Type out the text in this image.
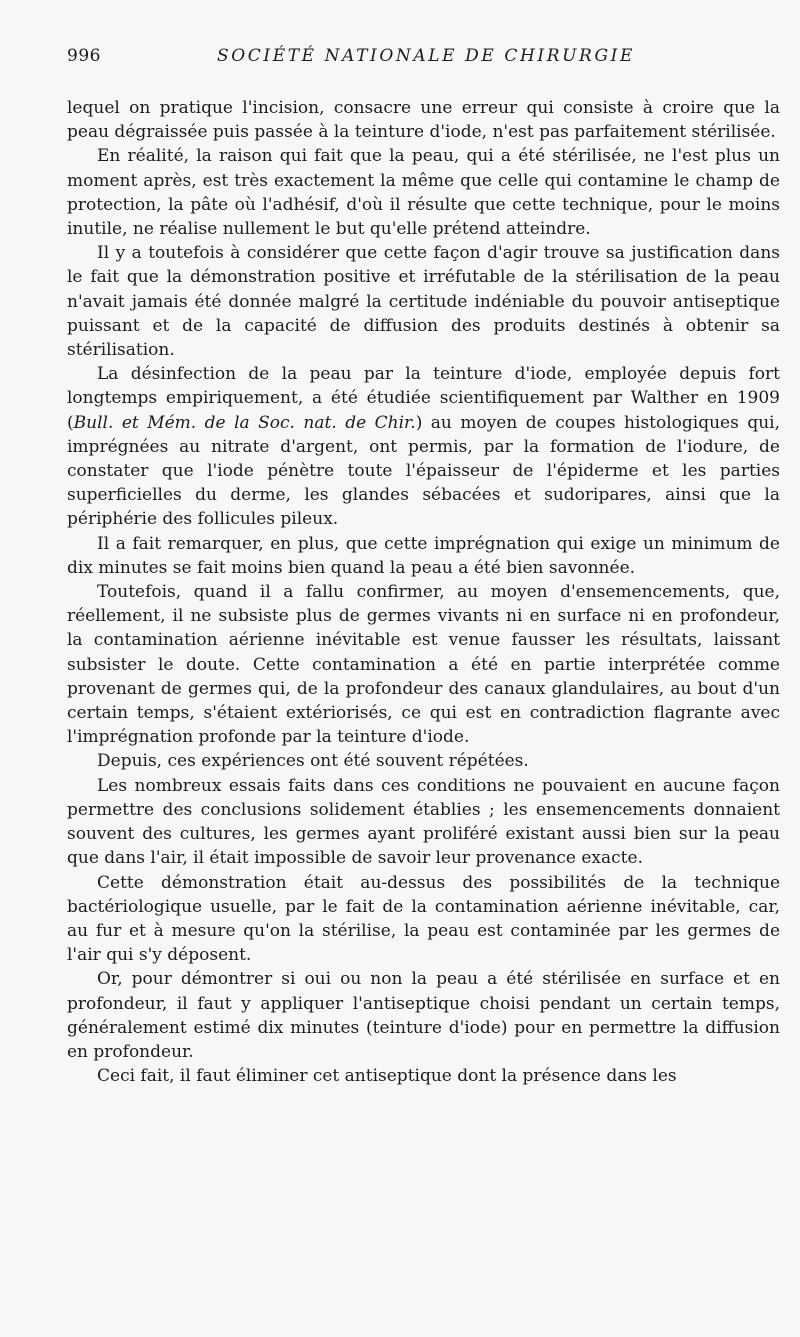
996	SOCIÉTÉ NATIONALE DE CHIRURGIE

lequel on pratique l'incision, consacre une erreur qui consiste à croire que la peau dégraissée puis passée à la teinture d'iode, n'est pas parfaitement stérilisée.

En réalité, la raison qui fait que la peau, qui a été stérilisée, ne l'est plus un moment après, est très exactement la même que celle qui contamine le champ de protection, la pâte où l'adhésif, d'où il résulte que cette technique, pour le moins inutile, ne réalise nullement le but qu'elle prétend atteindre.

Il y a toutefois à considérer que cette façon d'agir trouve sa justification dans le fait que la démonstration positive et irréfutable de la stérilisation de la peau n'avait jamais été donnée malgré la certitude indéniable du pouvoir antiseptique puissant et de la capacité de diffusion des produits destinés à obtenir sa stérilisation.

La désinfection de la peau par la teinture d'iode, employée depuis fort longtemps empiriquement, a été étudiée scientifiquement par Walther en 1909 (Bull. et Mém. de la Soc. nat. de Chir.) au moyen de coupes histologiques qui, imprégnées au nitrate d'argent, ont permis, par la formation de l'iodure, de constater que l'iode pénètre toute l'épaisseur de l'épiderme et les parties superficielles du derme, les glandes sébacées et sudoripares, ainsi que la périphérie des follicules pileux.

Il a fait remarquer, en plus, que cette imprégnation qui exige un minimum de dix minutes se fait moins bien quand la peau a été bien savonnée.

Toutefois, quand il a fallu confirmer, au moyen d'ensemencements, que, réellement, il ne subsiste plus de germes vivants ni en surface ni en profondeur, la contamination aérienne inévitable est venue fausser les résultats, laissant subsister le doute. Cette contamination a été en partie interprétée comme provenant de germes qui, de la profondeur des canaux glandulaires, au bout d'un certain temps, s'étaient extériorisés, ce qui est en contradiction flagrante avec l'imprégnation profonde par la teinture d'iode.

Depuis, ces expériences ont été souvent répétées.

Les nombreux essais faits dans ces conditions ne pouvaient en aucune façon permettre des conclusions solidement établies ; les ensemencements donnaient souvent des cultures, les germes ayant proliféré existant aussi bien sur la peau que dans l'air, il était impossible de savoir leur provenance exacte.

Cette démonstration était au-dessus des possibilités de la technique bactériologique usuelle, par le fait de la contamination aérienne inévitable, car, au fur et à mesure qu'on la stérilise, la peau est contaminée par les germes de l'air qui s'y déposent.

Or, pour démontrer si oui ou non la peau a été stérilisée en surface et en profondeur, il faut y appliquer l'antiseptique choisi pendant un certain temps, généralement estimé dix minutes (teinture d'iode) pour en permettre la diffusion en profondeur.

Ceci fait, il faut éliminer cet antiseptique dont la présence dans les
